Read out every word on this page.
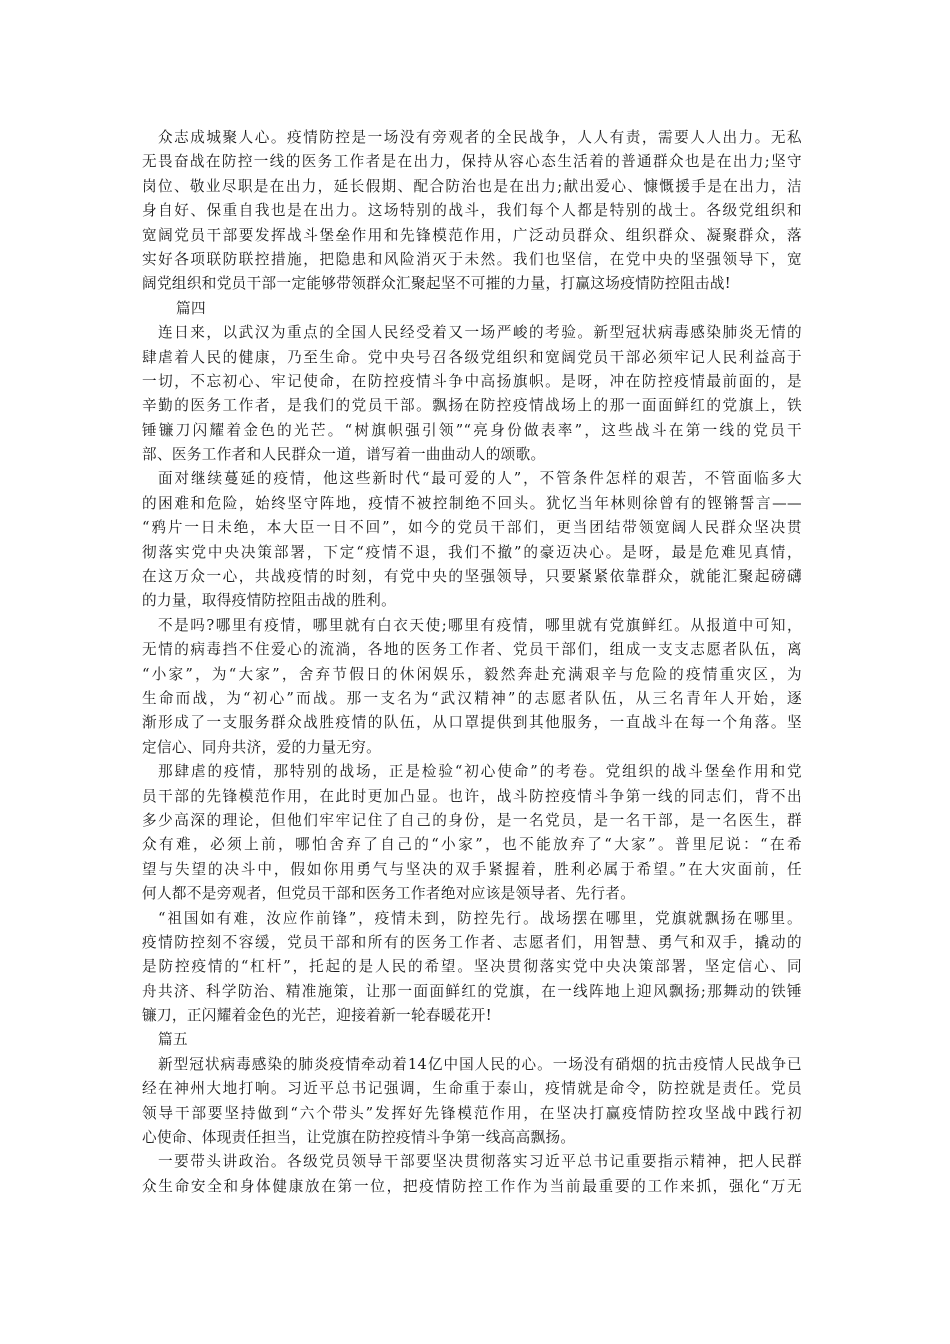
众志成城聚人心。疫情防控是一场没有旁观者的全民战争，人人有责，需要人人出力。无私
无畏奋战在防控一线的医务工作者是在出力，保持从容心态生活着的普通群众也是在出力;坚守
岗位、敬业尽职是在出力，延长假期、配合防治也是在出力;献出爱心、慷慨援手是在出力，洁
身自好、保重自我也是在出力。这场特别的战斗，我们每个人都是特别的战士。各级党组织和
宽阔党员干部要发挥战斗堡垒作用和先锋模范作用，广泛动员群众、组织群众、凝聚群众，落
实好各项联防联控措施，把隐患和风险消灭于未然。我们也坚信，在党中央的坚强领导下，宽
阔党组织和党员干部一定能够带领群众汇聚起坚不可摧的力量，打赢这场疫情防控阻击战!
篇四
连日来，以武汉为重点的全国人民经受着又一场严峻的考验。新型冠状病毒感染肺炎无情的
肆虐着人民的健康，乃至生命。党中央号召各级党组织和宽阔党员干部必须牢记人民利益高于
一切，不忘初心、牢记使命，在防控疫情斗争中高扬旗帜。是呀，冲在防控疫情最前面的，是
辛勤的医务工作者，是我们的党员干部。飘扬在防控疫情战场上的那一面面鲜红的党旗上，铁
锤镰刀闪耀着金色的光芒。“树旗帜强引领”“亮身份做表率”，这些战斗在第一线的党员干
部、医务工作者和人民群众一道，谱写着一曲曲动人的颂歌。
面对继续蔓延的疫情，他这些新时代“最可爱的人”，不管条件怎样的艰苦，不管面临多大
的困难和危险，始终坚守阵地，疫情不被控制绝不回头。犹忆当年林则徐曾有的铿锵誓言——
“鸦片一日未绝，本大臣一日不回”，如今的党员干部们，更当团结带领宽阔人民群众坚决贯
彻落实党中央决策部署，下定“疫情不退，我们不撤”的豪迈决心。是呀，最是危难见真情，
在这万众一心，共战疫情的时刻，有党中央的坚强领导，只要紧紧依靠群众，就能汇聚起磅礴
的力量，取得疫情防控阻击战的胜利。
不是吗?哪里有疫情，哪里就有白衣天使;哪里有疫情，哪里就有党旗鲜红。从报道中可知，
无情的病毒挡不住爱心的流淌，各地的医务工作者、党员干部们，组成一支支志愿者队伍，离
“小家”，为“大家”，舍弃节假日的休闲娱乐，毅然奔赴充满艰辛与危险的疫情重灾区，为
生命而战，为“初心”而战。那一支名为“武汉精神”的志愿者队伍，从三名青年人开始，逐
渐形成了一支服务群众战胜疫情的队伍，从口罩提供到其他服务，一直战斗在每一个角落。坚
定信心、同舟共济，爱的力量无穷。
那肆虐的疫情，那特别的战场，正是检验“初心使命”的考卷。党组织的战斗堡垒作用和党
员干部的先锋模范作用，在此时更加凸显。也许，战斗防控疫情斗争第一线的同志们，背不出
多少高深的理论，但他们牢牢记住了自己的身份，是一名党员，是一名干部，是一名医生，群
众有难，必须上前，哪怕舍弃了自己的“小家”，也不能放弃了“大家”。普里尼说：“在希
望与失望的决斗中，假如你用勇气与坚决的双手紧握着，胜利必属于希望。”在大灾面前，任
何人都不是旁观者，但党员干部和医务工作者绝对应该是领导者、先行者。
“祖国如有难，汝应作前锋”，疫情未到，防控先行。战场摆在哪里，党旗就飘扬在哪里。
疫情防控刻不容缓，党员干部和所有的医务工作者、志愿者们，用智慧、勇气和双手，撬动的
是防控疫情的“杠杆”，托起的是人民的希望。坚决贯彻落实党中央决策部署，坚定信心、同
舟共济、科学防治、精准施策，让那一面面鲜红的党旗，在一线阵地上迎风飘扬;那舞动的铁锤
镰刀，正闪耀着金色的光芒，迎接着新一轮春暖花开!
篇五
新型冠状病毒感染的肺炎疫情牵动着14亿中国人民的心。一场没有硝烟的抗击疫情人民战争已
经在神州大地打响。习近平总书记强调，生命重于泰山，疫情就是命令，防控就是责任。党员
领导干部要坚持做到“六个带头”发挥好先锋模范作用，在坚决打赢疫情防控攻坚战中践行初
心使命、体现责任担当，让党旗在防控疫情斗争第一线高高飘扬。
一要带头讲政治。各级党员领导干部要坚决贯彻落实习近平总书记重要指示精神，把人民群
众生命安全和身体健康放在第一位，把疫情防控工作作为当前最重要的工作来抓，强化“万无
